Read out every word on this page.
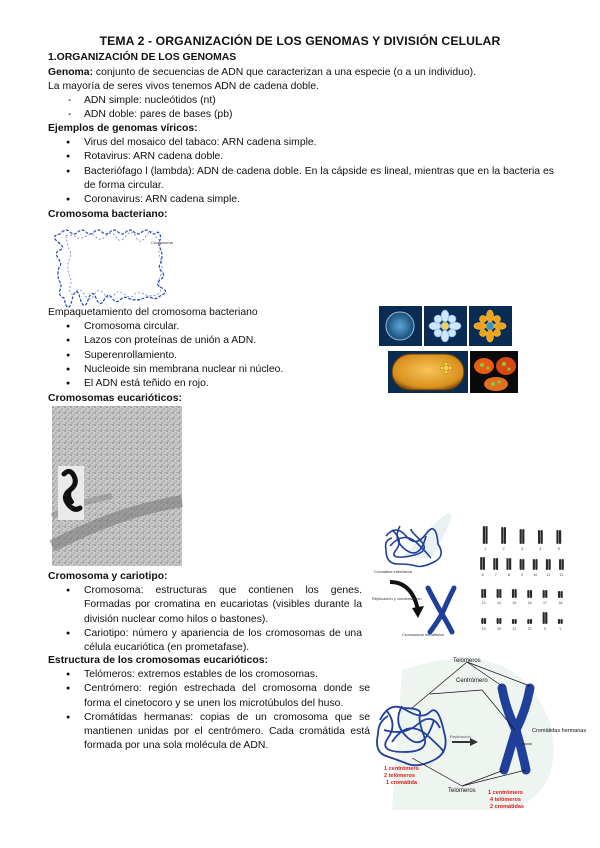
TEMA 2 - ORGANIZACIÓN DE LOS GENOMAS Y DIVISIÓN CELULAR
1.ORGANIZACIÓN DE LOS GENOMAS
Genoma: conjunto de secuencias de ADN que caracterizan a una especie (o a un individuo).
La mayoría de seres vivos tenemos ADN de cadena doble.
- ADN simple: nucleótidos (nt)
- ADN doble: pares de bases (pb)
Ejemplos de genomas víricos:
● Virus del mosaico del tabaco: ARN cadena simple.
● Rotavirus: ARN cadena doble.
● Bacteriófago l (lambda): ADN de cadena doble. En la cápside es lineal, mientras que en la bacteria es de forma circular.
● Coronavirus: ARN cadena simple.
Cromosoma bacteriano:
Cromosoma
Empaquetamiento del cromosoma bacteriano
● Cromosoma circular.
● Lazos con proteínas de unión a ADN.
● Superenrollamiento.
● Nucleoide sin membrana nuclear ni núcleo.
● El ADN está teñido en rojo.
Cromosomas eucarióticos:
Cromosoma y cariotipo:
● Cromosoma: estructuras que contienen los genes. Formadas por cromatina en eucariotas (visibles durante la división nuclear como hilos o bastones).
● Cariotipo: número y apariencia de los cromosomas de una célula eucariótica (en prometafase).
Cromatina interfásica
Replicación y condensación
Cromosoma metafásico
1	2	3	4	5
6	7	8	9	10	11	12
13	14	15	16	17	18
19	20	21	22	X	Y
Estructura de los cromosomas eucarióticos:
● Telómeros: extremos estables de los cromosomas.
● Centrómero: región estrechada del cromosoma donde se forma el cinetocoro y se unen los microtúbulos del huso.
● Cromátidas hermanas: copias de un cromosoma que se mantienen unidas por el centrómero. Cada cromátida está formada por una sola molécula de ADN.
Replicación
Telómeros
Centrómero
Cromátidas hermanas
1 centrómero
2 telómeros
1 cromátida
Telómeros 1 centrómero
4 telómeros
2 cromátidas
